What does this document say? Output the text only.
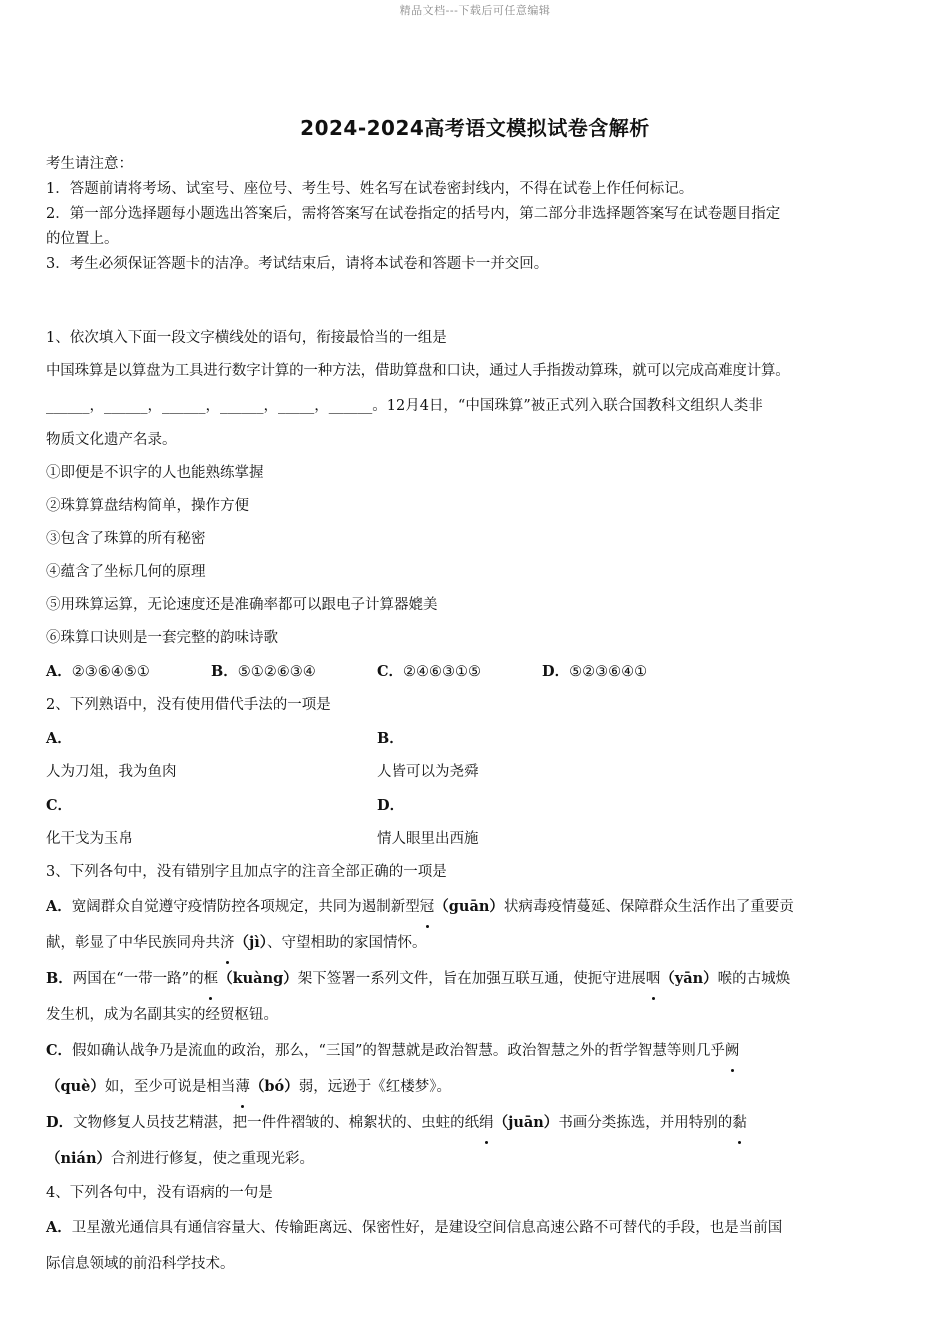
精品文档---下载后可任意编辑
2024-2024高考语文模拟试卷含解析
考生请注意：
1．答题前请将考场、试室号、座位号、考生号、姓名写在试卷密封线内，不得在试卷上作任何标记。
2．第一部分选择题每小题选出答案后，需将答案写在试卷指定的括号内，第二部分非选择题答案写在试卷题目指定
的位置上。
3．考生必须保证答题卡的洁净。考试结束后，请将本试卷和答题卡一并交回。
1、依次填入下面一段文字横线处的语句，衔接最恰当的一组是
中国珠算是以算盘为工具进行数字计算的一种方法，借助算盘和口诀，通过人手指拨动算珠，就可以完成高难度计算。
______，______，______，______，_____，______。12月4日，“中国珠算”被正式列入联合国教科文组织人类非
物质文化遗产名录。
①即便是不识字的人也能熟练掌握
②珠算算盘结构简单，操作方便
③包含了珠算的所有秘密
④蕴含了坐标几何的原理
⑤用珠算运算，无论速度还是准确率都可以跟电子计算器媲美
⑥珠算口诀则是一套完整的韵味诗歌
A．②③⑥④⑤①	B．⑤①②⑥③④	C．②④⑥③①⑤	D．⑤②③⑥④①
2、下列熟语中，没有使用借代手法的一项是
A．人为刀俎，我为鱼肉
B．人皆可以为尧舜
C．化干戈为玉帛
D．情人眼里出西施
3、下列各句中，没有错别字且加点字的注音全部正确的一项是
A．宽阔群众自觉遵守疫情防控各项规定，共同为遏制新型冠（guān）状病毒疫情蔓延、保障群众生活作出了重要贡
献，彰显了中华民族同舟共济（jì）、守望相助的家国情怀。
B．两国在“一带一路”的框（kuàng）架下签署一系列文件，旨在加强互联互通，使扼守进展咽（yān）喉的古城焕
发生机，成为名副其实的经贸枢钮。
C．假如确认战争乃是流血的政治，那么，“三国”的智慧就是政治智慧。政治智慧之外的哲学智慧等则几乎阙
（què）如，至少可说是相当薄（bó）弱，远逊于《红楼梦》。
D．文物修复人员技艺精湛，把一件件褶皱的、棉絮状的、虫蛀的纸绢（juān）书画分类拣选，并用特别的黏
（nián）合剂进行修复，使之重现光彩。
4、下列各句中，没有语病的一句是
A．卫星激光通信具有通信容量大、传输距离远、保密性好，是建设空间信息高速公路不可替代的手段，也是当前国
际信息领域的前沿科学技术。
